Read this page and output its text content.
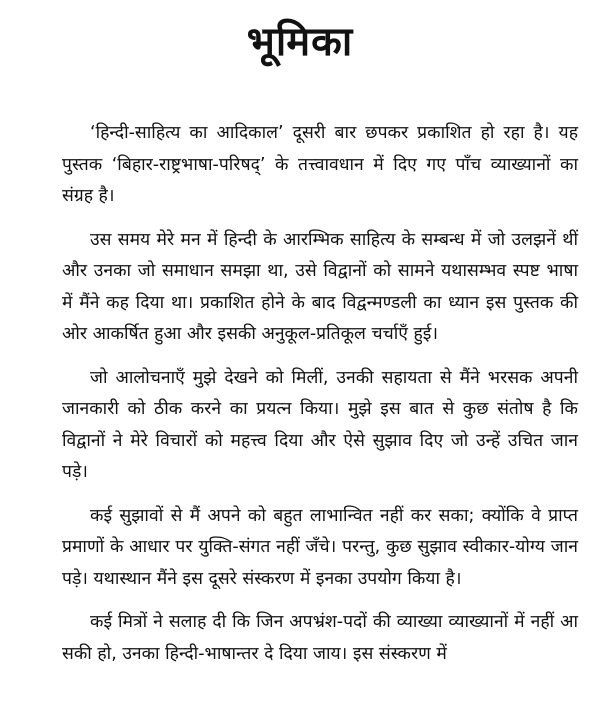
भूमिका

‘हिन्दी-साहित्य का आदिकाल’ दूसरी बार छपकर प्रकाशित हो रहा है। यह पुस्तक ‘बिहार-राष्ट्रभाषा-परिषद्’ के तत्त्वावधान में दिए गए पाँच व्याख्यानों का संग्रह है।

उस समय मेरे मन में हिन्दी के आरम्भिक साहित्य के सम्बन्ध में जो उलझनें थीं और उनका जो समाधान समझा था, उसे विद्वानों को सामने यथासम्भव स्पष्ट भाषा में मैंने कह दिया था। प्रकाशित होने के बाद विद्वन्मण्डली का ध्यान इस पुस्तक की ओर आकर्षित हुआ और इसकी अनुकूल-प्रतिकूल चर्चाएँ हुई।

जो आलोचनाएँ मुझे देखने को मिलीं, उनकी सहायता से मैंने भरसक अपनी जानकारी को ठीक करने का प्रयत्न किया। मुझे इस बात से कुछ संतोष है कि विद्वानों ने मेरे विचारों को महत्त्व दिया और ऐसे सुझाव दिए जो उन्हें उचित जान पड़े।

कई सुझावों से मैं अपने को बहुत लाभान्वित नहीं कर सका; क्योंकि वे प्राप्त प्रमाणों के आधार पर युक्ति-संगत नहीं जँचे। परन्तु, कुछ सुझाव स्वीकार-योग्य जान पड़े। यथास्थान मैंने इस दूसरे संस्करण में इनका उपयोग किया है।

कई मित्रों ने सलाह दी कि जिन अपभ्रंश-पदों की व्याख्या व्याख्यानों में नहीं आ सकी हो, उनका हिन्दी-भाषान्तर दे दिया जाय। इस संस्करण में
